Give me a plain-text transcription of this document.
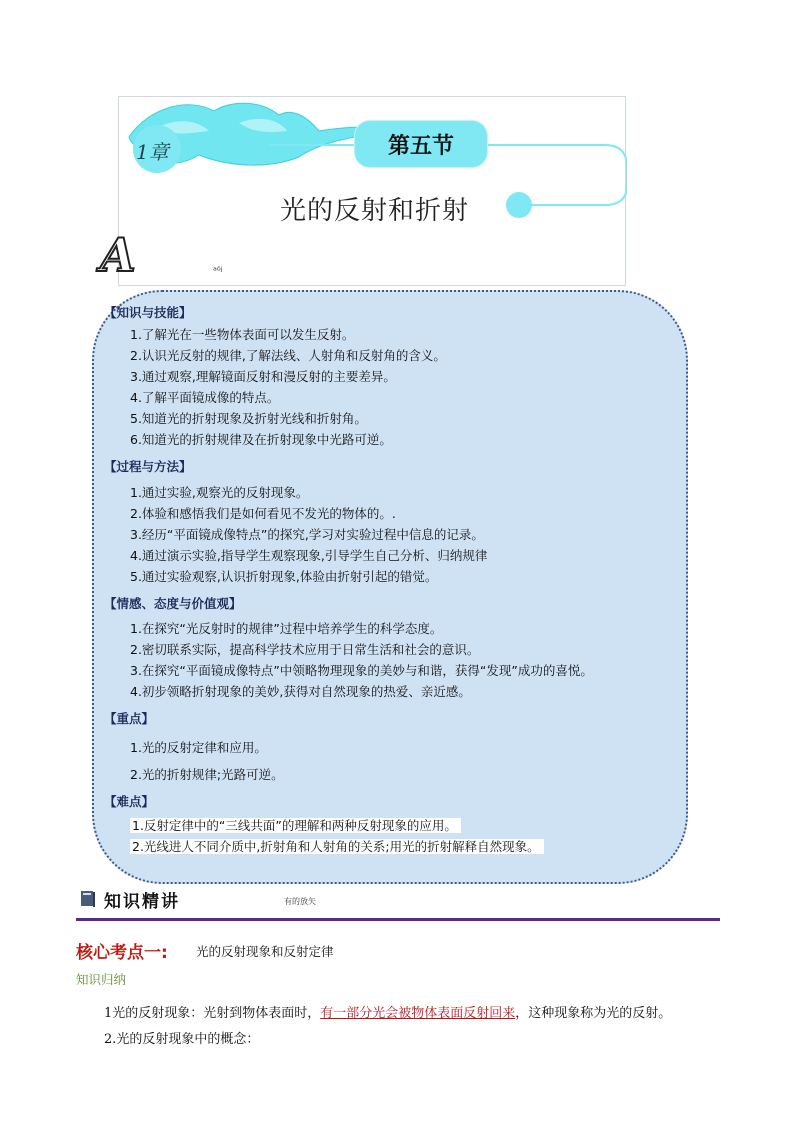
1章	第五节
光的反射和折射
A	ᵃᵟʲ
【知识与技能】
1.了解光在一些物体表面可以发生反射。
2.认识光反射的规律,了解法线、人射角和反射角的含义。
3.通过观察,理解镜面反射和漫反射的主要差异。
4.了解平面镜成像的特点。
5.知道光的折射现象及折射光线和折射角。
6.知道光的折射规律及在折射现象中光路可逆。
【过程与方法】
1.通过实验,观察光的反射现象。
2.体验和感悟我们是如何看见不发光的物体的。.
3.经历“平面镜成像特点”的探究,学习对实验过程中信息的记录。
4.通过演示实验,指导学生观察现象,引导学生自己分析、归纳规律
5.通过实验观察,认识折射现象,体验由折射引起的错觉。
【情感、态度与价值观】
1.在探究“光反射时的规律”过程中培养学生的科学态度。
2.密切联系实际，提高科学技术应用于日常生活和社会的意识。
3.在探究“平面镜成像特点”中领略物理现象的美妙与和谐，获得“发现”成功的喜悦。
4.初步领略折射现象的美妙,获得对自然现象的热爱、亲近感。
【重点】
1.光的反射定律和应用。
2.光的折射规律;光路可逆。
【难点】
1.反射定律中的“三线共面”的理解和两种反射现象的应用。
2.光线进人不同介质中,折射角和人射角的关系;用光的折射解释自然现象。
知识精讲	有的放矢
核心考点一: 光的反射现象和反射定律
知识归纳
1光的反射现象：光射到物体表面时，有一部分光会被物体表面反射回来，这种现象称为光的反射。
2.光的反射现象中的概念：
